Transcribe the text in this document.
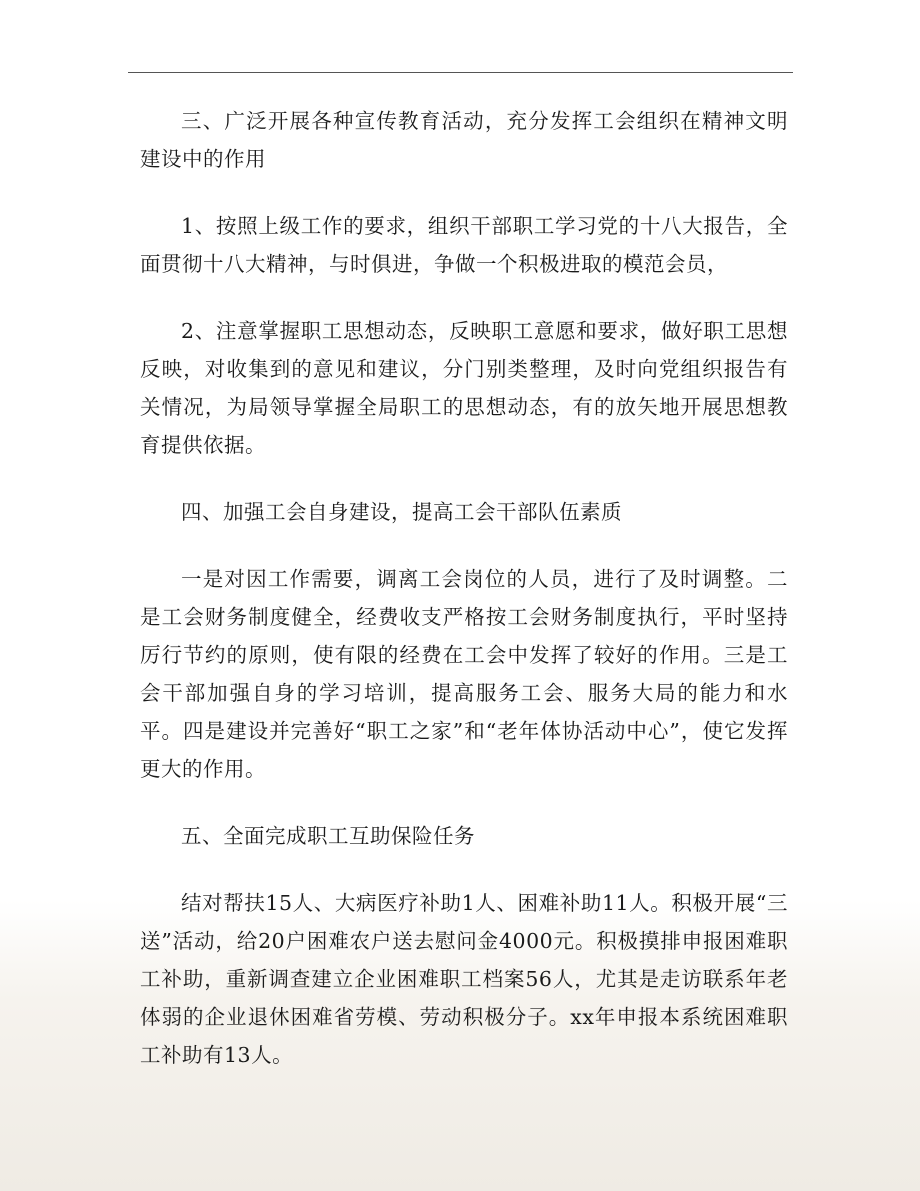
三、广泛开展各种宣传教育活动，充分发挥工会组织在精神文明建设中的作用

1、按照上级工作的要求，组织干部职工学习党的十八大报告，全面贯彻十八大精神，与时俱进，争做一个积极进取的模范会员，

2、注意掌握职工思想动态，反映职工意愿和要求，做好职工思想反映，对收集到的意见和建议，分门别类整理，及时向党组织报告有关情况，为局领导掌握全局职工的思想动态，有的放矢地开展思想教育提供依据。

四、加强工会自身建设，提高工会干部队伍素质

一是对因工作需要，调离工会岗位的人员，进行了及时调整。二是工会财务制度健全，经费收支严格按工会财务制度执行，平时坚持厉行节约的原则，使有限的经费在工会中发挥了较好的作用。三是工会干部加强自身的学习培训，提高服务工会、服务大局的能力和水平。四是建设并完善好“职工之家”和“老年体协活动中心”，使它发挥更大的作用。

五、全面完成职工互助保险任务

结对帮扶15人、大病医疗补助1人、困难补助11人。积极开展“三送”活动，给20户困难农户送去慰问金4000元。积极摸排申报困难职工补助，重新调查建立企业困难职工档案56人，尤其是走访联系年老体弱的企业退休困难省劳模、劳动积极分子。xx年申报本系统困难职工补助有13人。
